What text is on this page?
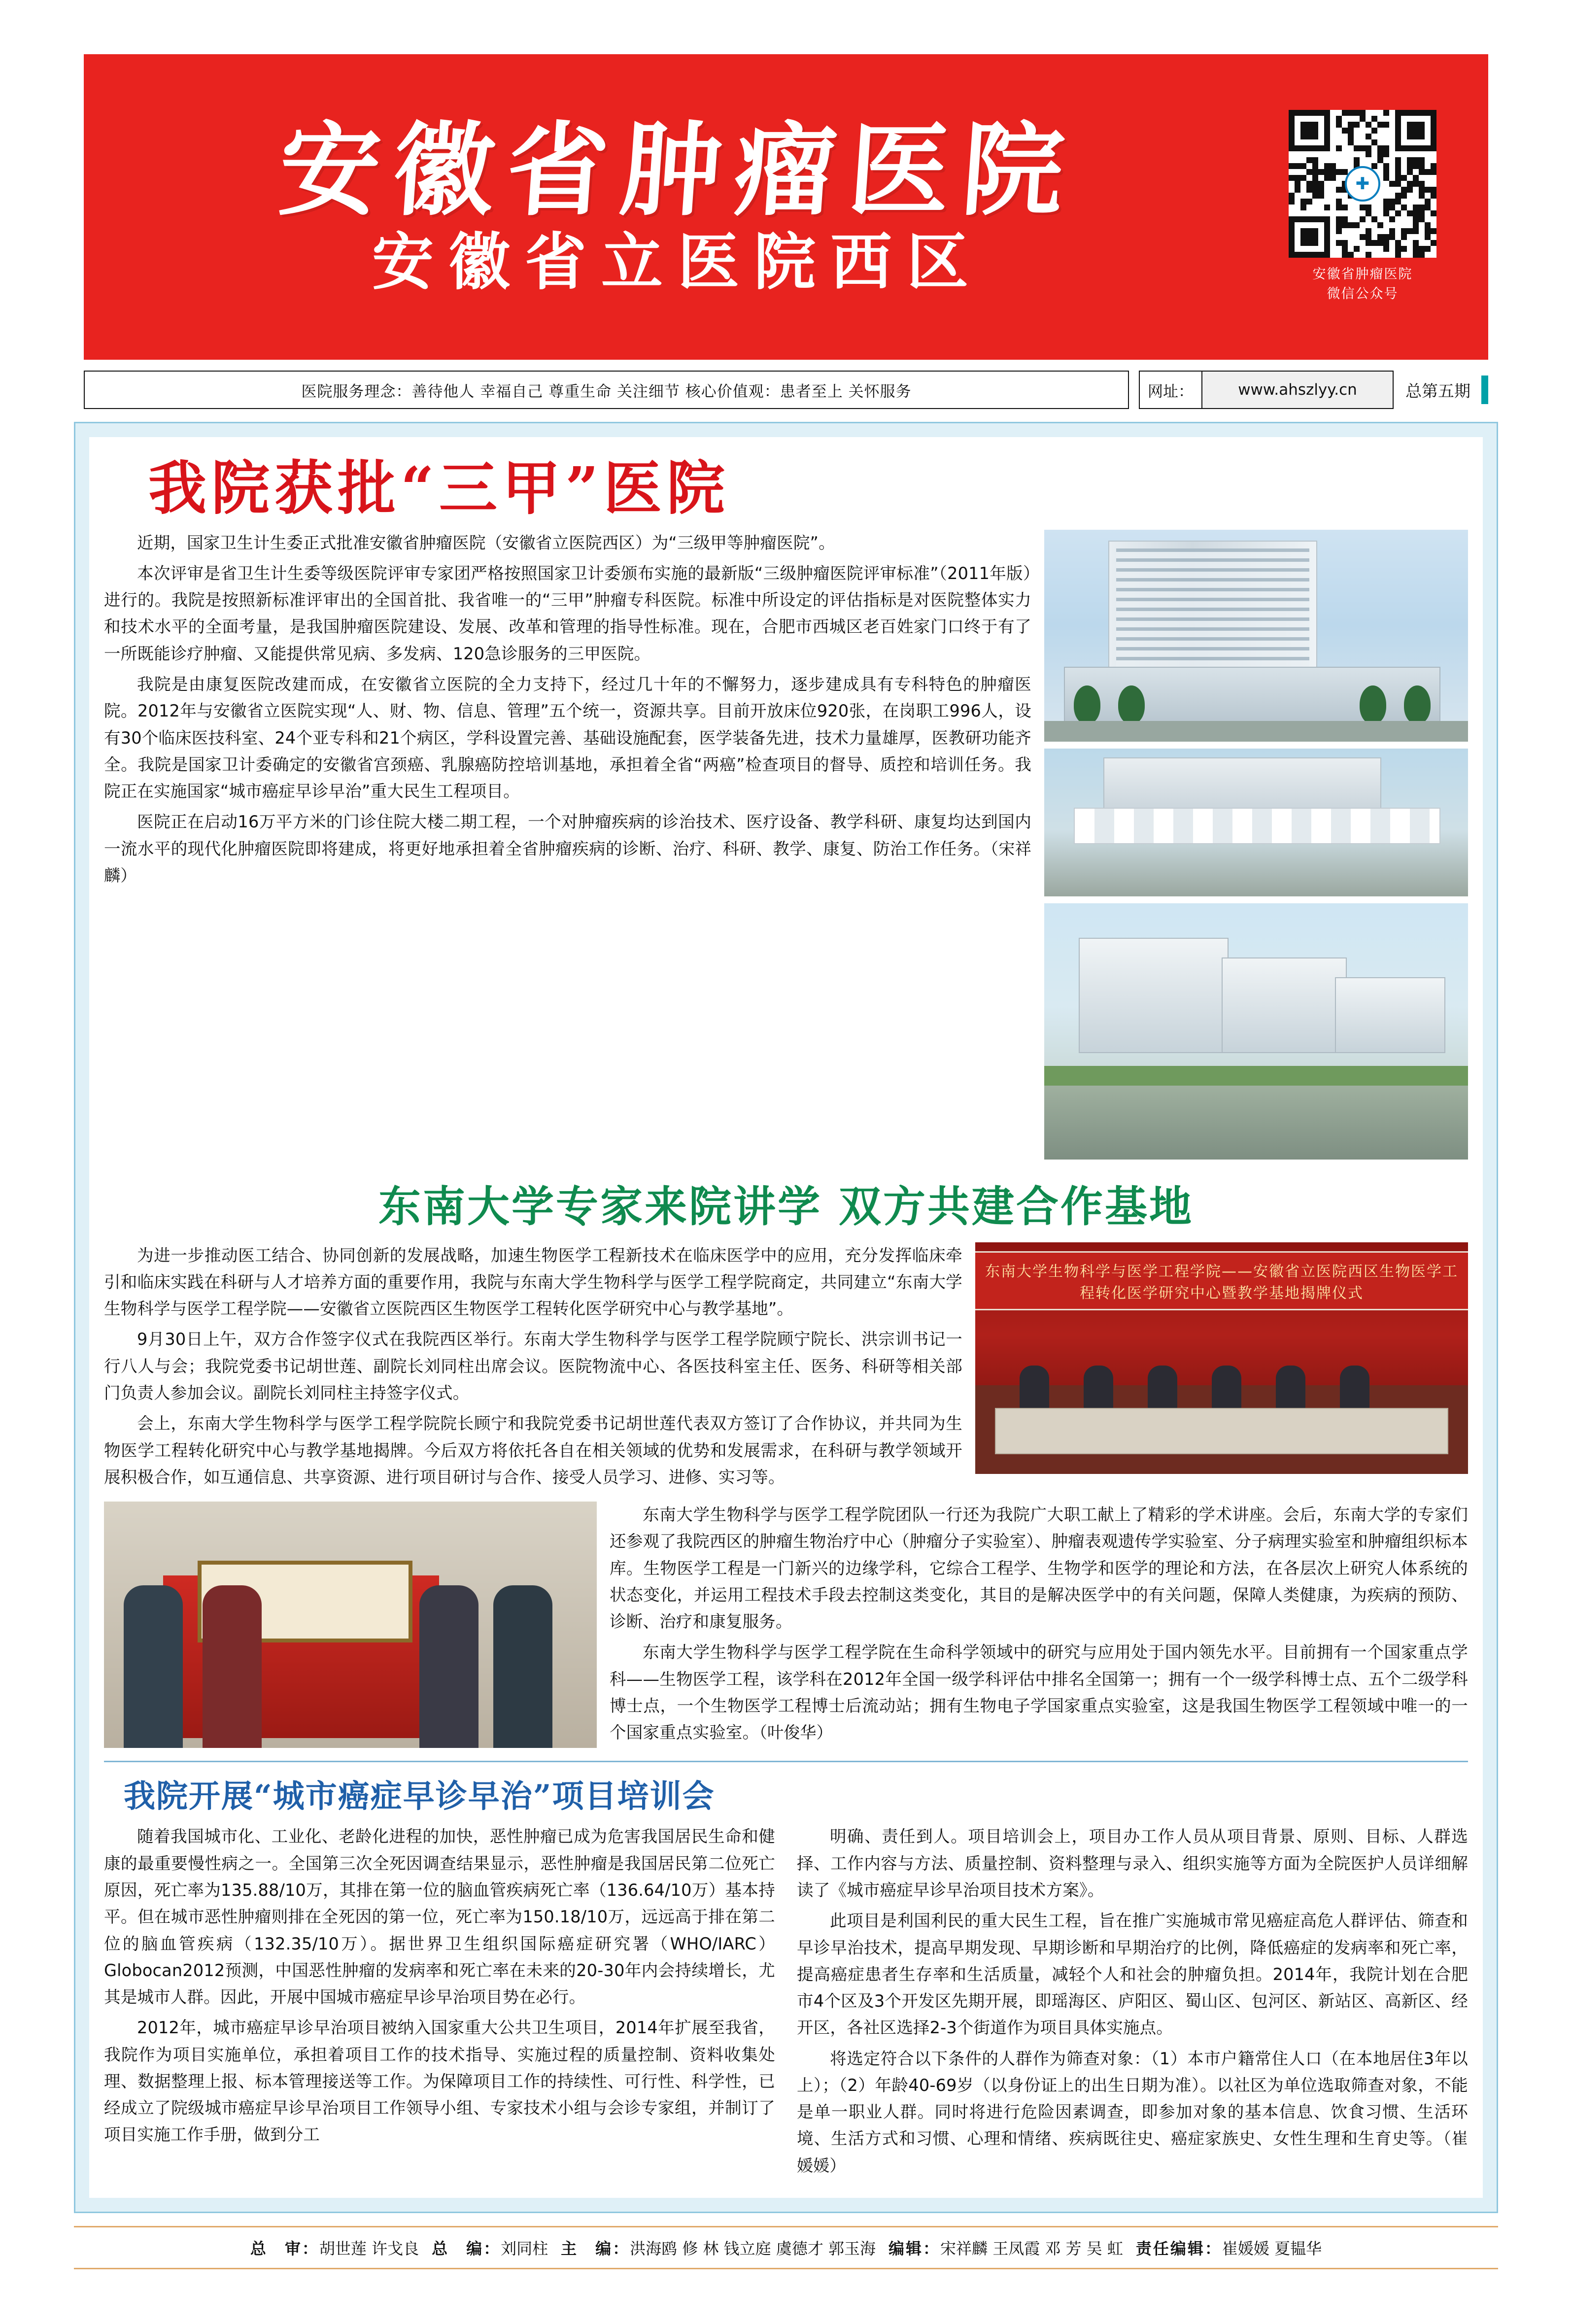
安徽省肿瘤医院
安徽省立医院西区
✚
安徽省肿瘤医院
微信公众号
医院服务理念：善待他人 幸福自己 尊重生命 关注细节 核心价值观：患者至上 关怀服务	网址：	www.ahszlyy.cn	总第五期
我院获批“三甲”医院

近期，国家卫生计生委正式批准安徽省肿瘤医院（安徽省立医院西区）为“三级甲等肿瘤医院”。

本次评审是省卫生计生委等级医院评审专家团严格按照国家卫计委颁布实施的最新版“三级肿瘤医院评审标准”（2011年版）进行的。我院是按照新标准评审出的全国首批、我省唯一的“三甲”肿瘤专科医院。标准中所设定的评估指标是对医院整体实力和技术水平的全面考量，是我国肿瘤医院建设、发展、改革和管理的指导性标准。现在，合肥市西城区老百姓家门口终于有了一所既能诊疗肿瘤、又能提供常见病、多发病、120急诊服务的三甲医院。

我院是由康复医院改建而成，在安徽省立医院的全力支持下，经过几十年的不懈努力，逐步建成具有专科特色的肿瘤医院。2012年与安徽省立医院实现“人、财、物、信息、管理”五个统一，资源共享。目前开放床位920张，在岗职工996人，设有30个临床医技科室、24个亚专科和21个病区，学科设置完善、基础设施配套，医学装备先进，技术力量雄厚，医教研功能齐全。我院是国家卫计委确定的安徽省宫颈癌、乳腺癌防控培训基地，承担着全省“两癌”检查项目的督导、质控和培训任务。我院正在实施国家“城市癌症早诊早治”重大民生工程项目。

医院正在启动16万平方米的门诊住院大楼二期工程，一个对肿瘤疾病的诊治技术、医疗设备、教学科研、康复均达到国内一流水平的现代化肿瘤医院即将建成，将更好地承担着全省肿瘤疾病的诊断、治疗、科研、教学、康复、防治工作任务。（宋祥麟）

东南大学专家来院讲学 双方共建合作基地

为进一步推动医工结合、协同创新的发展战略，加速生物医学工程新技术在临床医学中的应用，充分发挥临床牵引和临床实践在科研与人才培养方面的重要作用，我院与东南大学生物科学与医学工程学院商定，共同建立“东南大学生物科学与医学工程学院——安徽省立医院西区生物医学工程转化医学研究中心与教学基地”。

9月30日上午，双方合作签字仪式在我院西区举行。东南大学生物科学与医学工程学院顾宁院长、洪宗训书记一行八人与会；我院党委书记胡世莲、副院长刘同柱出席会议。医院物流中心、各医技科室主任、医务、科研等相关部门负责人参加会议。副院长刘同柱主持签字仪式。

会上，东南大学生物科学与医学工程学院院长顾宁和我院党委书记胡世莲代表双方签订了合作协议，并共同为生物医学工程转化研究中心与教学基地揭牌。今后双方将依托各自在相关领域的优势和发展需求，在科研与教学领域开展积极合作，如互通信息、共享资源、进行项目研讨与合作、接受人员学习、进修、实习等。

东南大学生物科学与医学工程学院——安徽省立医院西区生物医学工程转化医学研究中心暨教学基地揭牌仪式

东南大学生物科学与医学工程学院团队一行还为我院广大职工献上了精彩的学术讲座。会后，东南大学的专家们还参观了我院西区的肿瘤生物治疗中心（肿瘤分子实验室）、肿瘤表观遗传学实验室、分子病理实验室和肿瘤组织标本库。生物医学工程是一门新兴的边缘学科，它综合工程学、生物学和医学的理论和方法，在各层次上研究人体系统的状态变化，并运用工程技术手段去控制这类变化，其目的是解决医学中的有关问题，保障人类健康，为疾病的预防、诊断、治疗和康复服务。

东南大学生物科学与医学工程学院在生命科学领域中的研究与应用处于国内领先水平。目前拥有一个国家重点学科——生物医学工程，该学科在2012年全国一级学科评估中排名全国第一；拥有一个一级学科博士点、五个二级学科博士点，一个生物医学工程博士后流动站；拥有生物电子学国家重点实验室，这是我国生物医学工程领域中唯一的一个国家重点实验室。（叶俊华）

我院开展“城市癌症早诊早治”项目培训会

随着我国城市化、工业化、老龄化进程的加快，恶性肿瘤已成为危害我国居民生命和健康的最重要慢性病之一。全国第三次全死因调查结果显示，恶性肿瘤是我国居民第二位死亡原因，死亡率为135.88/10万，其排在第一位的脑血管疾病死亡率（136.64/10万）基本持平。但在城市恶性肿瘤则排在全死因的第一位，死亡率为150.18/10万，远远高于排在第二位的脑血管疾病（132.35/10万）。据世界卫生组织国际癌症研究署（WHO/IARC）Globocan2012预测，中国恶性肿瘤的发病率和死亡率在未来的20-30年内会持续增长，尤其是城市人群。因此，开展中国城市癌症早诊早治项目势在必行。

2012年，城市癌症早诊早治项目被纳入国家重大公共卫生项目，2014年扩展至我省，我院作为项目实施单位，承担着项目工作的技术指导、实施过程的质量控制、资料收集处理、数据整理上报、标本管理接送等工作。为保障项目工作的持续性、可行性、科学性，已经成立了院级城市癌症早诊早治项目工作领导小组、专家技术小组与会诊专家组，并制订了项目实施工作手册，做到分工

明确、责任到人。项目培训会上，项目办工作人员从项目背景、原则、目标、人群选择、工作内容与方法、质量控制、资料整理与录入、组织实施等方面为全院医护人员详细解读了《城市癌症早诊早治项目技术方案》。

此项目是利国利民的重大民生工程，旨在推广实施城市常见癌症高危人群评估、筛查和早诊早治技术，提高早期发现、早期诊断和早期治疗的比例，降低癌症的发病率和死亡率，提高癌症患者生存率和生活质量，减轻个人和社会的肿瘤负担。2014年，我院计划在合肥市4个区及3个开发区先期开展，即瑶海区、庐阳区、蜀山区、包河区、新站区、高新区、经开区，各社区选择2-3个街道作为项目具体实施点。

将选定符合以下条件的人群作为筛查对象：（1）本市户籍常住人口（在本地居住3年以上）；（2）年龄40-69岁（以身份证上的出生日期为准）。以社区为单位选取筛查对象，不能是单一职业人群。同时将进行危险因素调查，即参加对象的基本信息、饮食习惯、生活环境、生活方式和习惯、心理和情绪、疾病既往史、癌症家族史、女性生理和生育史等。（崔媛媛）

总　审：胡世莲 许戈良 总　编：刘同柱 主　编：洪海鸥 修 林 钱立庭 虞德才 郭玉海 编辑：宋祥麟 王凤霞 邓 芳 吴 虹 责任编辑：崔媛媛 夏韫华
